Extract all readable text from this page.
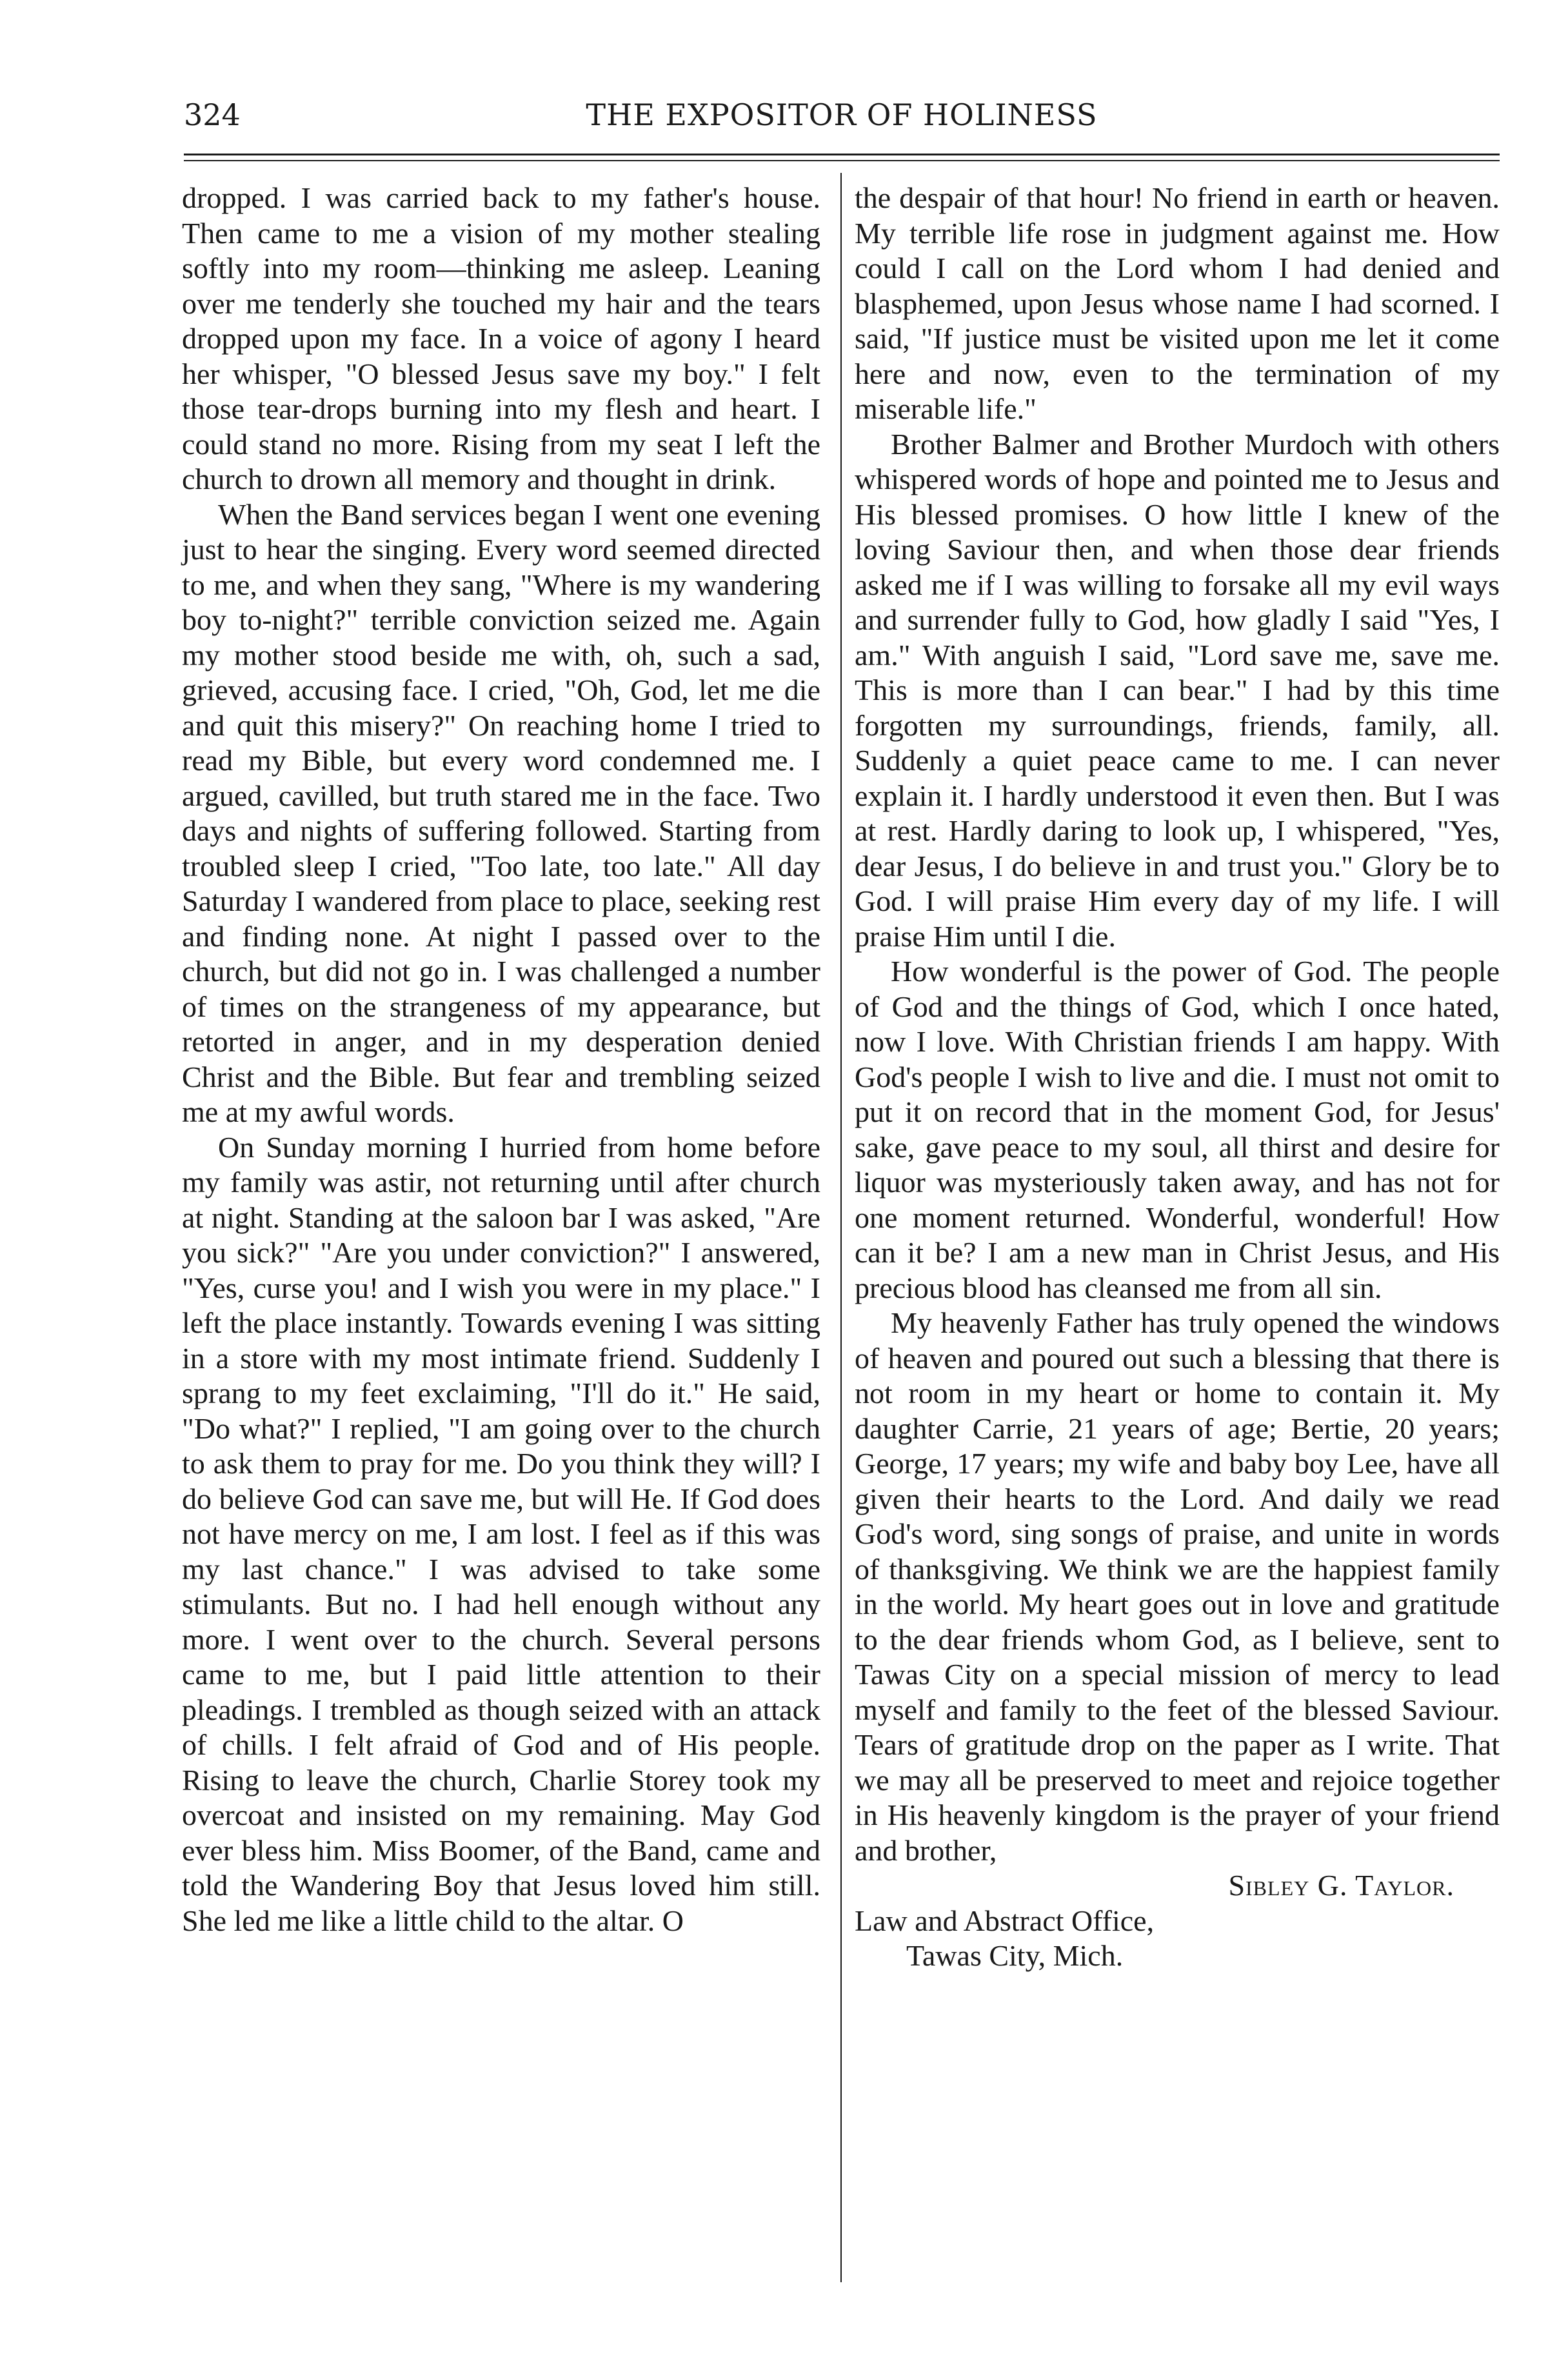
324	THE EXPOSITOR OF HOLINESS

dropped. I was carried back to my father's house. Then came to me a vision of my mother stealing softly into my room—thinking me asleep. Leaning over me tenderly she touched my hair and the tears dropped upon my face. In a voice of agony I heard her whisper, "O blessed Jesus save my boy." I felt those tear-drops burning into my flesh and heart. I could stand no more. Rising from my seat I left the church to drown all memory and thought in drink.

When the Band services began I went one evening just to hear the singing. Every word seemed directed to me, and when they sang, "Where is my wandering boy to-night?" terrible conviction seized me. Again my mother stood beside me with, oh, such a sad, grieved, accusing face. I cried, "Oh, God, let me die and quit this misery?" On reaching home I tried to read my Bible, but every word condemned me. I argued, cavilled, but truth stared me in the face. Two days and nights of suffering followed. Starting from troubled sleep I cried, "Too late, too late." All day Saturday I wandered from place to place, seeking rest and finding none. At night I passed over to the church, but did not go in. I was challenged a number of times on the strangeness of my appearance, but retorted in anger, and in my desperation denied Christ and the Bible. But fear and trembling seized me at my awful words.

On Sunday morning I hurried from home before my family was astir, not returning until after church at night. Standing at the saloon bar I was asked, "Are you sick?" "Are you under conviction?" I answered, "Yes, curse you! and I wish you were in my place." I left the place instantly. Towards evening I was sitting in a store with my most intimate friend. Suddenly I sprang to my feet exclaiming, "I'll do it." He said, "Do what?" I replied, "I am going over to the church to ask them to pray for me. Do you think they will? I do believe God can save me, but will He. If God does not have mercy on me, I am lost. I feel as if this was my last chance." I was advised to take some stimulants. But no. I had hell enough without any more. I went over to the church. Several persons came to me, but I paid little attention to their pleadings. I trembled as though seized with an attack of chills. I felt afraid of God and of His people. Rising to leave the church, Charlie Storey took my overcoat and insisted on my remaining. May God ever bless him. Miss Boomer, of the Band, came and told the Wandering Boy that Jesus loved him still. She led me like a little child to the altar. O

the despair of that hour! No friend in earth or heaven. My terrible life rose in judgment against me. How could I call on the Lord whom I had denied and blasphemed, upon Jesus whose name I had scorned. I said, "If justice must be visited upon me let it come here and now, even to the termination of my miserable life."

Brother Balmer and Brother Murdoch with others whispered words of hope and pointed me to Jesus and His blessed promises. O how little I knew of the loving Saviour then, and when those dear friends asked me if I was willing to forsake all my evil ways and surrender fully to God, how gladly I said "Yes, I am." With anguish I said, "Lord save me, save me. This is more than I can bear." I had by this time forgotten my surroundings, friends, family, all. Suddenly a quiet peace came to me. I can never explain it. I hardly understood it even then. But I was at rest. Hardly daring to look up, I whispered, "Yes, dear Jesus, I do believe in and trust you." Glory be to God. I will praise Him every day of my life. I will praise Him until I die.

How wonderful is the power of God. The people of God and the things of God, which I once hated, now I love. With Christian friends I am happy. With God's people I wish to live and die. I must not omit to put it on record that in the moment God, for Jesus' sake, gave peace to my soul, all thirst and desire for liquor was mysteriously taken away, and has not for one moment returned. Wonderful, wonderful! How can it be? I am a new man in Christ Jesus, and His precious blood has cleansed me from all sin.

My heavenly Father has truly opened the windows of heaven and poured out such a blessing that there is not room in my heart or home to contain it. My daughter Carrie, 21 years of age; Bertie, 20 years; George, 17 years; my wife and baby boy Lee, have all given their hearts to the Lord. And daily we read God's word, sing songs of praise, and unite in words of thanksgiving. We think we are the happiest family in the world. My heart goes out in love and gratitude to the dear friends whom God, as I believe, sent to Tawas City on a special mission of mercy to lead myself and family to the feet of the blessed Saviour. Tears of gratitude drop on the paper as I write. That we may all be preserved to meet and rejoice together in His heavenly kingdom is the prayer of your friend and brother,

Sibley G. Taylor.

Law and Abstract Office,

Tawas City, Mich.
